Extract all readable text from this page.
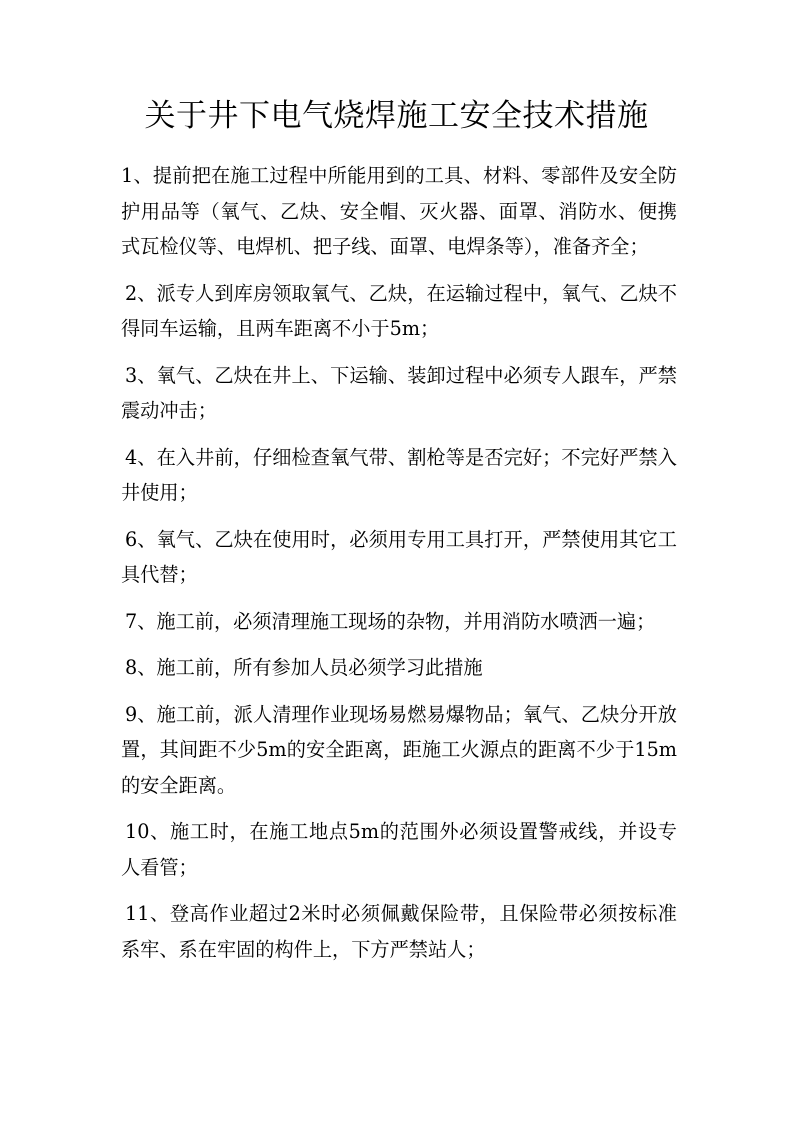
关于井下电气烧焊施工安全技术措施

1、提前把在施工过程中所能用到的工具、材料、零部件及安全防护用品等（氧气、乙炔、安全帽、灭火器、面罩、消防水、便携式瓦检仪等、电焊机、把子线、面罩、电焊条等），准备齐全；

2、派专人到库房领取氧气、乙炔，在运输过程中，氧气、乙炔不得同车运输，且两车距离不小于5m；

3、氧气、乙炔在井上、下运输、装卸过程中必须专人跟车，严禁震动冲击；

4、在入井前，仔细检查氧气带、割枪等是否完好；不完好严禁入井使用；

6、氧气、乙炔在使用时，必须用专用工具打开，严禁使用其它工具代替；

7、施工前，必须清理施工现场的杂物，并用消防水喷洒一遍；

8、施工前，所有参加人员必须学习此措施

9、施工前，派人清理作业现场易燃易爆物品；氧气、乙炔分开放置，其间距不少5m的安全距离，距施工火源点的距离不少于15m的安全距离。

10、施工时，在施工地点5m的范围外必须设置警戒线，并设专人看管；

11、登高作业超过2米时必须佩戴保险带，且保险带必须按标准系牢、系在牢固的构件上，下方严禁站人；
